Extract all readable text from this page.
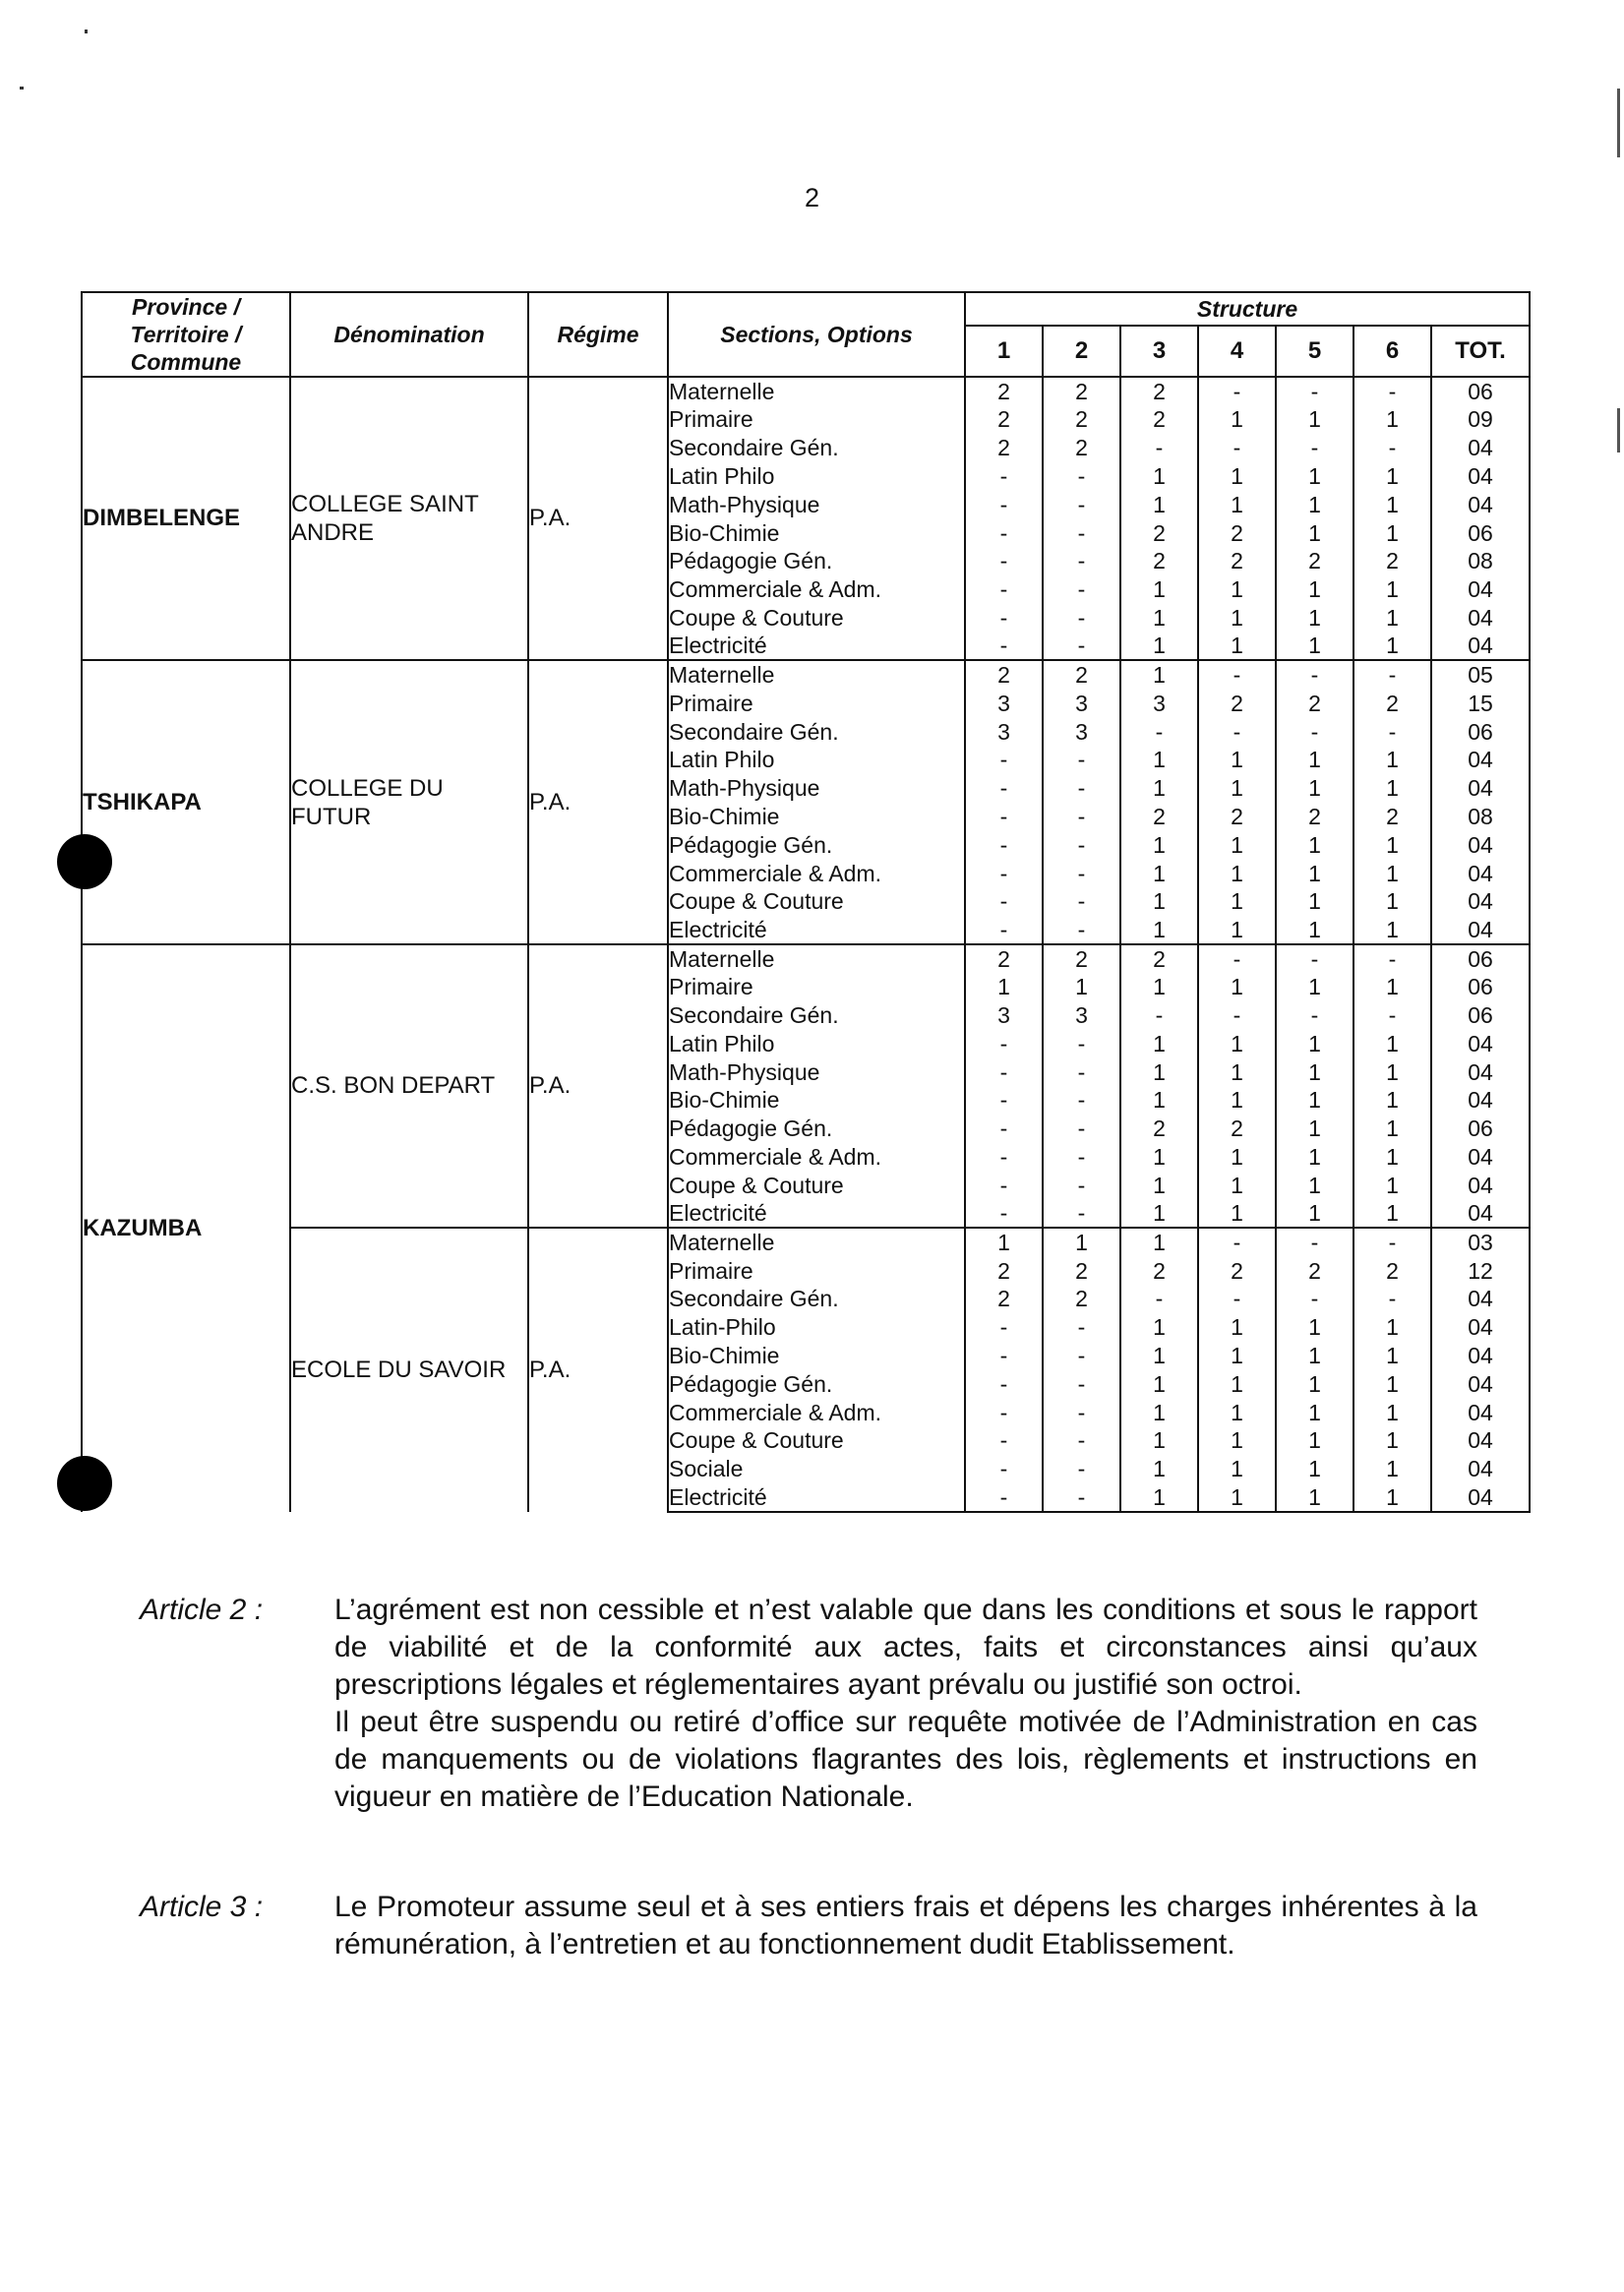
2
Province / Territoire / Commune	Dénomination	Régime	Sections, Options	Structure						
				1	2	3	4	5	6	TOT.
DIMBELENGE	COLLEGE SAINT ANDRE	P.A.	Maternelle	2	2	2	-	-	-	06
			Primaire	2	2	2	1	1	1	09
			Secondaire Gén.	2	2	-	-	-	-	04
			Latin Philo	-	-	1	1	1	1	04
			Math-Physique	-	-	1	1	1	1	04
			Bio-Chimie	-	-	2	2	1	1	06
			Pédagogie Gén.	-	-	2	2	2	2	08
			Commerciale & Adm.	-	-	1	1	1	1	04
			Coupe & Couture	-	-	1	1	1	1	04
			Electricité	-	-	1	1	1	1	04
TSHIKAPA	COLLEGE DU FUTUR	P.A.	Maternelle	2	2	1	-	-	-	05
			Primaire	3	3	3	2	2	2	15
			Secondaire Gén.	3	3	-	-	-	-	06
			Latin Philo	-	-	1	1	1	1	04
			Math-Physique	-	-	1	1	1	1	04
			Bio-Chimie	-	-	2	2	2	2	08
			Pédagogie Gén.	-	-	1	1	1	1	04
			Commerciale & Adm.	-	-	1	1	1	1	04
			Coupe & Couture	-	-	1	1	1	1	04
			Electricité	-	-	1	1	1	1	04
KAZUMBA	C.S. BON DEPART	P.A.	Maternelle	2	2	2	-	-	-	06
			Primaire	1	1	1	1	1	1	06
			Secondaire Gén.	3	3	-	-	-	-	06
			Latin Philo	-	-	1	1	1	1	04
			Math-Physique	-	-	1	1	1	1	04
			Bio-Chimie	-	-	1	1	1	1	04
			Pédagogie Gén.	-	-	2	2	1	1	06
			Commerciale & Adm.	-	-	1	1	1	1	04
			Coupe & Couture	-	-	1	1	1	1	04
			Electricité	-	-	1	1	1	1	04
	ECOLE DU SAVOIR	P.A.	Maternelle	1	1	1	-	-	-	03
			Primaire	2	2	2	2	2	2	12
			Secondaire Gén.	2	2	-	-	-	-	04
			Latin-Philo	-	-	1	1	1	1	04
			Bio-Chimie	-	-	1	1	1	1	04
			Pédagogie Gén.	-	-	1	1	1	1	04
			Commerciale & Adm.	-	-	1	1	1	1	04
			Coupe & Couture	-	-	1	1	1	1	04
			Sociale	-	-	1	1	1	1	04
			Electricité	-	-	1	1	1	1	04
Article 2 : L’agrément est non cessible et n’est valable que dans les conditions et sous le rapport de viabilité et de la conformité aux actes, faits et circonstances ainsi qu’aux prescriptions légales et réglementaires ayant prévalu ou justifié son octroi.

Il peut être suspendu ou retiré d’office sur requête motivée de l’Administration en cas de manquements ou de violations flagrantes des lois, règlements et instructions en vigueur en matière de l’Education Nationale.

Article 3 : Le Promoteur assume seul et à ses entiers frais et dépens les charges inhérentes à la rémunération, à l’entretien et au fonctionnement dudit Etablissement.
